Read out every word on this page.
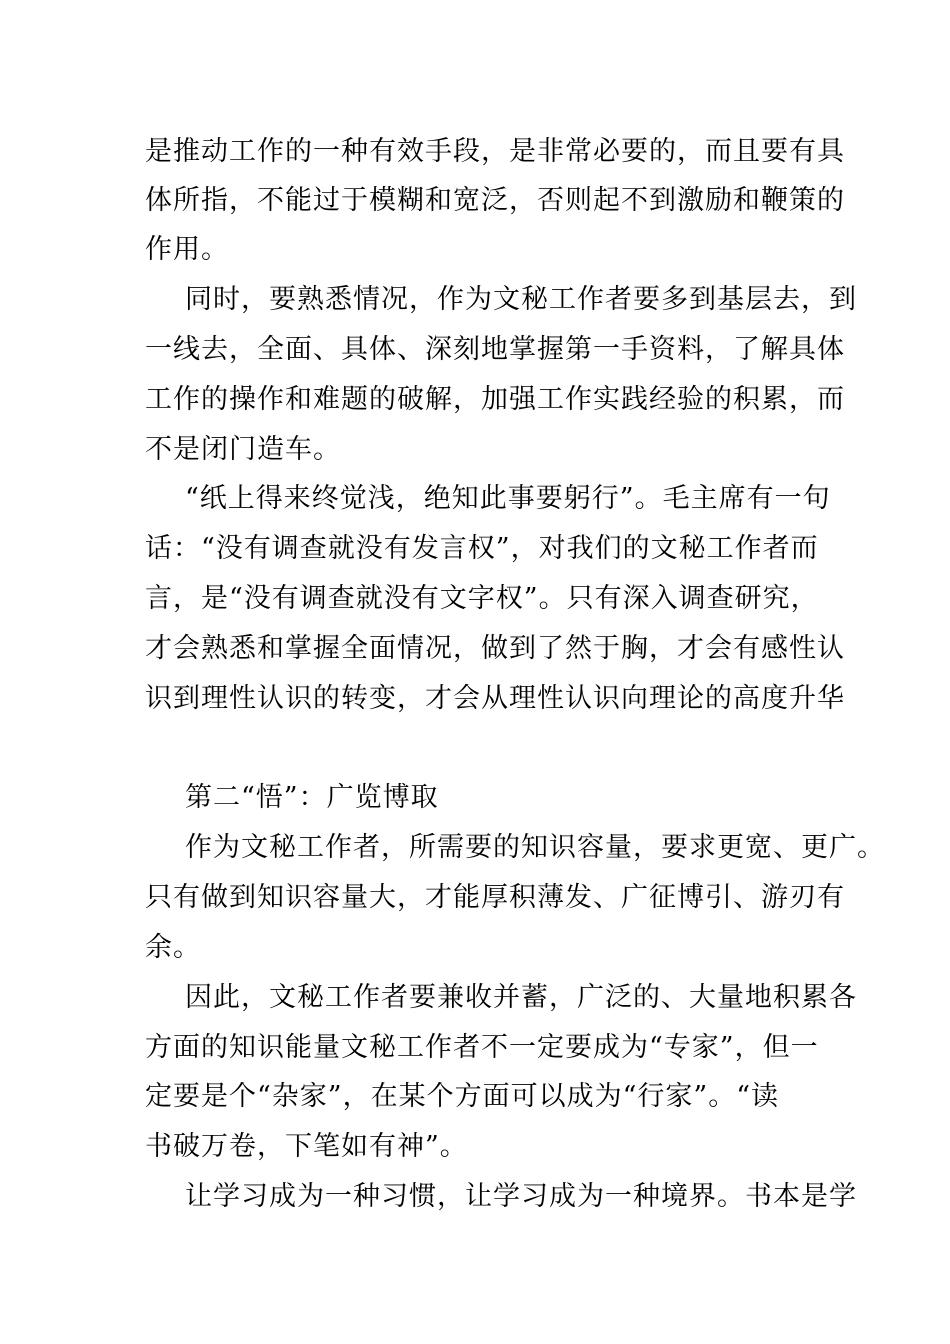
是推动工作的一种有效手段，是非常必要的，而且要有具
体所指，不能过于模糊和宽泛，否则起不到激励和鞭策的
作用。
同时，要熟悉情况，作为文秘工作者要多到基层去，到
一线去，全面、具体、深刻地掌握第一手资料，了解具体
工作的操作和难题的破解，加强工作实践经验的积累，而
不是闭门造车。
“纸上得来终觉浅，绝知此事要躬行”。毛主席有一句
话：“没有调查就没有发言权”，对我们的文秘工作者而
言，是“没有调查就没有文字权”。只有深入调查研究，
才会熟悉和掌握全面情况，做到了然于胸，才会有感性认
识到理性认识的转变，才会从理性认识向理论的高度升华
第二“悟”：广览博取
作为文秘工作者，所需要的知识容量，要求更宽、更广。
只有做到知识容量大，才能厚积薄发、广征博引、游刃有
余。
因此，文秘工作者要兼收并蓄，广泛的、大量地积累各
方面的知识能量文秘工作者不一定要成为“专家”，但一
定要是个“杂家”，在某个方面可以成为“行家”。“读
书破万卷，下笔如有神”。
让学习成为一种习惯，让学习成为一种境界。书本是学
